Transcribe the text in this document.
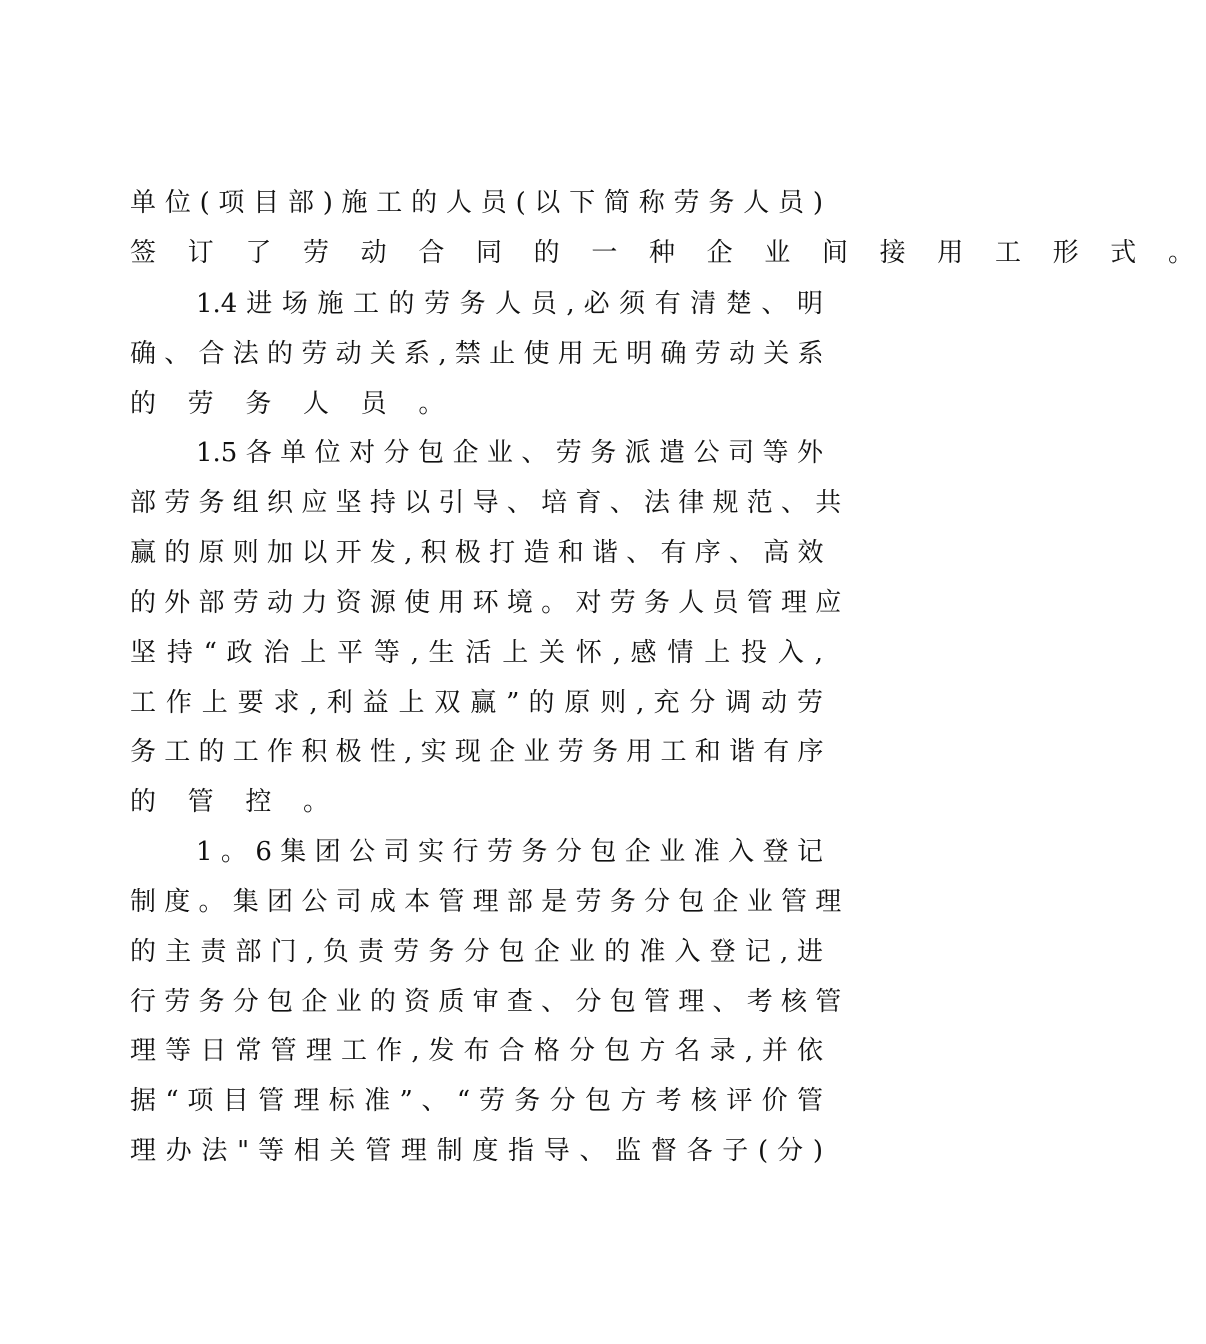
单 位 ( 项 目 部 ) 施 工 的 人 员 ( 以 下 简 称 劳 务 人 员 )
签 订 了 劳 动 合 同 的 一 种 企 业 间 接 用 工 形 式 。
1.4 进 场 施 工 的 劳 务 人 员 , 必 须 有 清 楚 、 明
确 、 合 法 的 劳 动 关 系 , 禁 止 使 用 无 明 确 劳 动 关 系
的 劳 务 人 员 。
1.5 各 单 位 对 分 包 企 业 、 劳 务 派 遣 公 司 等 外
部 劳 务 组 织 应 坚 持 以 引 导 、 培 育 、 法 律 规 范 、 共
赢 的 原 则 加 以 开 发 , 积 极 打 造 和 谐 、 有 序 、 高 效
的 外 部 劳 动 力 资 源 使 用 环 境 。 对 劳 务 人 员 管 理 应
坚 持 “ 政 治 上 平 等 , 生 活 上 关 怀 , 感 情 上 投 入 ,
工 作 上 要 求 , 利 益 上 双 赢 ” 的 原 则 , 充 分 调 动 劳
务 工 的 工 作 积 极 性 , 实 现 企 业 劳 务 用 工 和 谐 有 序
的 管 控 。
1 。 6 集 团 公 司 实 行 劳 务 分 包 企 业 准 入 登 记
制 度 。 集 团 公 司 成 本 管 理 部 是 劳 务 分 包 企 业 管 理
的 主 责 部 门 , 负 责 劳 务 分 包 企 业 的 准 入 登 记 , 进
行 劳 务 分 包 企 业 的 资 质 审 查 、 分 包 管 理 、 考 核 管
理 等 日 常 管 理 工 作 , 发 布 合 格 分 包 方 名 录 , 并 依
据 “ 项 目 管 理 标 准 ” 、 “ 劳 务 分 包 方 考 核 评 价 管
理 办 法 " 等 相 关 管 理 制 度 指 导 、 监 督 各 子 ( 分 )
